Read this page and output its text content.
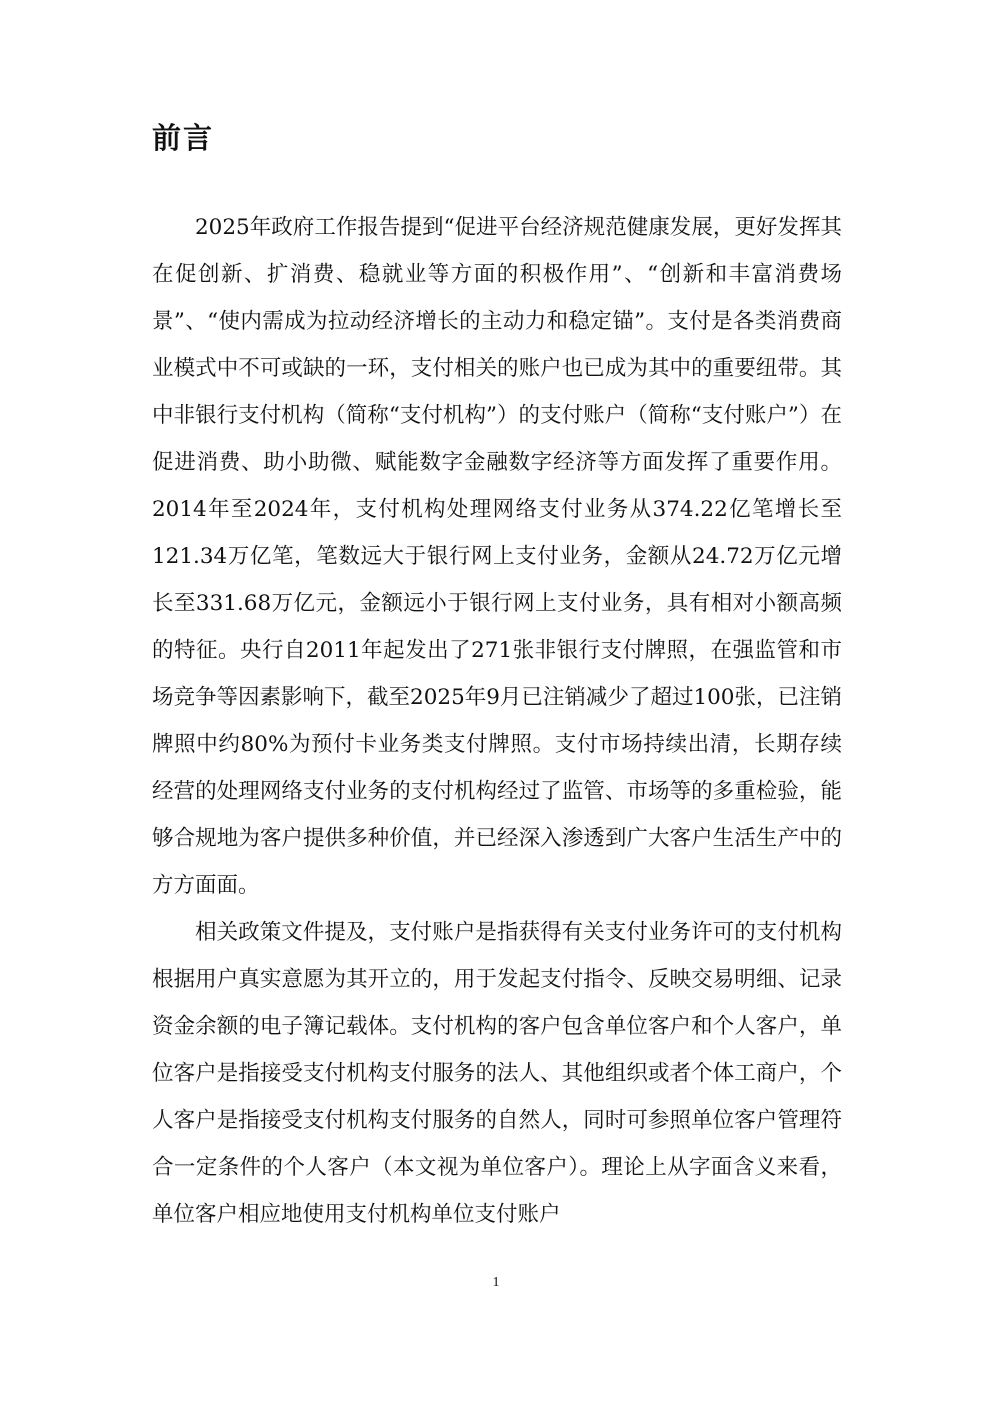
前言

2025年政府工作报告提到“促进平台经济规范健康发展，更好发挥其在促创新、扩消费、稳就业等方面的积极作用”、“创新和丰富消费场景”、“使内需成为拉动经济增长的主动力和稳定锚”。支付是各类消费商业模式中不可或缺的一环，支付相关的账户也已成为其中的重要纽带。其中非银行支付机构（简称“支付机构”）的支付账户（简称“支付账户”）在促进消费、助小助微、赋能数字金融数字经济等方面发挥了重要作用。2014年至2024年，支付机构处理网络支付业务从374.22亿笔增长至121.34万亿笔，笔数远大于银行网上支付业务，金额从24.72万亿元增长至331.68万亿元，金额远小于银行网上支付业务，具有相对小额高频的特征。央行自2011年起发出了271张非银行支付牌照，在强监管和市场竞争等因素影响下，截至2025年9月已注销减少了超过100张，已注销牌照中约80%为预付卡业务类支付牌照。支付市场持续出清，长期存续经营的处理网络支付业务的支付机构经过了监管、市场等的多重检验，能够合规地为客户提供多种价值，并已经深入渗透到广大客户生活生产中的方方面面。

相关政策文件提及，支付账户是指获得有关支付业务许可的支付机构根据用户真实意愿为其开立的，用于发起支付指令、反映交易明细、记录资金余额的电子簿记载体。支付机构的客户包含单位客户和个人客户，单位客户是指接受支付机构支付服务的法人、其他组织或者个体工商户，个人客户是指接受支付机构支付服务的自然人，同时可参照单位客户管理符合一定条件的个人客户（本文视为单位客户）。理论上从字面含义来看，单位客户相应地使用支付机构单位支付账户

1
